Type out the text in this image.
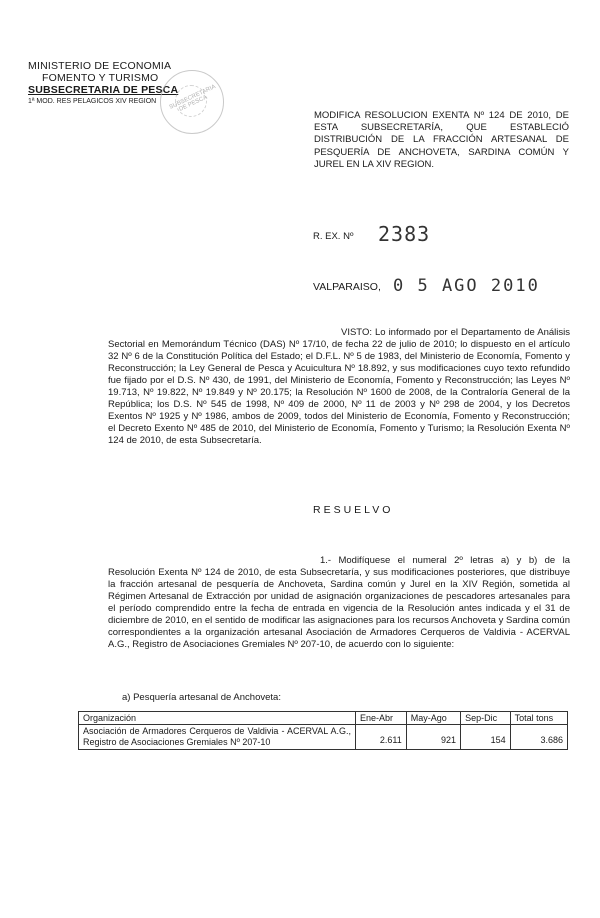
MINISTERIO DE ECONOMIA
FOMENTO Y TURISMO
SUBSECRETARIA DE PESCA
1ª MOD. RES PELAGICOS XIV REGION SUBSECRETARIA DE PESCA
MODIFICA RESOLUCION EXENTA Nº 124 DE 2010, DE ESTA SUBSECRETARÍA, QUE ESTABLECIÓ DISTRIBUCIÓN DE LA FRACCIÓN ARTESANAL DE PESQUERÍA DE ANCHOVETA, SARDINA COMÚN Y JUREL EN LA XIV REGION.
R. EX. Nº 2383
VALPARAISO, 0 5 AGO 2010
VISTO: Lo informado por el Departamento de Análisis Sectorial en Memorándum Técnico (DAS) Nº 17/10, de fecha 22 de julio de 2010; lo dispuesto en el artículo 32 Nº 6 de la Constitución Política del Estado; el D.F.L. Nº 5 de 1983, del Ministerio de Economía, Fomento y Reconstrucción; la Ley General de Pesca y Acuicultura Nº 18.892, y sus modificaciones cuyo texto refundido fue fijado por el D.S. Nº 430, de 1991, del Ministerio de Economía, Fomento y Reconstrucción; las Leyes Nº 19.713, Nº 19.822, Nº 19.849 y Nº 20.175; la Resolución Nº 1600 de 2008, de la Contraloría General de la República; los D.S. Nº 545 de 1998, Nº 409 de 2000, Nº 11 de 2003 y Nº 298 de 2004, y los Decretos Exentos Nº 1925 y Nº 1986, ambos de 2009, todos del Ministerio de Economía, Fomento y Reconstrucción; el Decreto Exento Nº 485 de 2010, del Ministerio de Economía, Fomento y Turismo; la Resolución Exenta Nº 124 de 2010, de esta Subsecretaría.
RESUELVO
1.- Modifíquese el numeral 2º letras a) y b) de la Resolución Exenta Nº 124 de 2010, de esta Subsecretaría, y sus modificaciones posteriores, que distribuye la fracción artesanal de pesquería de Anchoveta, Sardina común y Jurel en la XIV Región, sometida al Régimen Artesanal de Extracción por unidad de asignación organizaciones de pescadores artesanales para el período comprendido entre la fecha de entrada en vigencia de la Resolución antes indicada y el 31 de diciembre de 2010, en el sentido de modificar las asignaciones para los recursos Anchoveta y Sardina común correspondientes a la organización artesanal Asociación de Armadores Cerqueros de Valdivia - ACERVAL A.G., Registro de Asociaciones Gremiales Nº 207-10, de acuerdo con lo siguiente:
a) Pesquería artesanal de Anchoveta:
Organización	Ene-Abr	May-Ago	Sep-Dic	Total tons
Asociación de Armadores Cerqueros de Valdivia - ACERVAL A.G., Registro de Asociaciones Gremiales Nº 207-10	2.611	921	154	3.686
